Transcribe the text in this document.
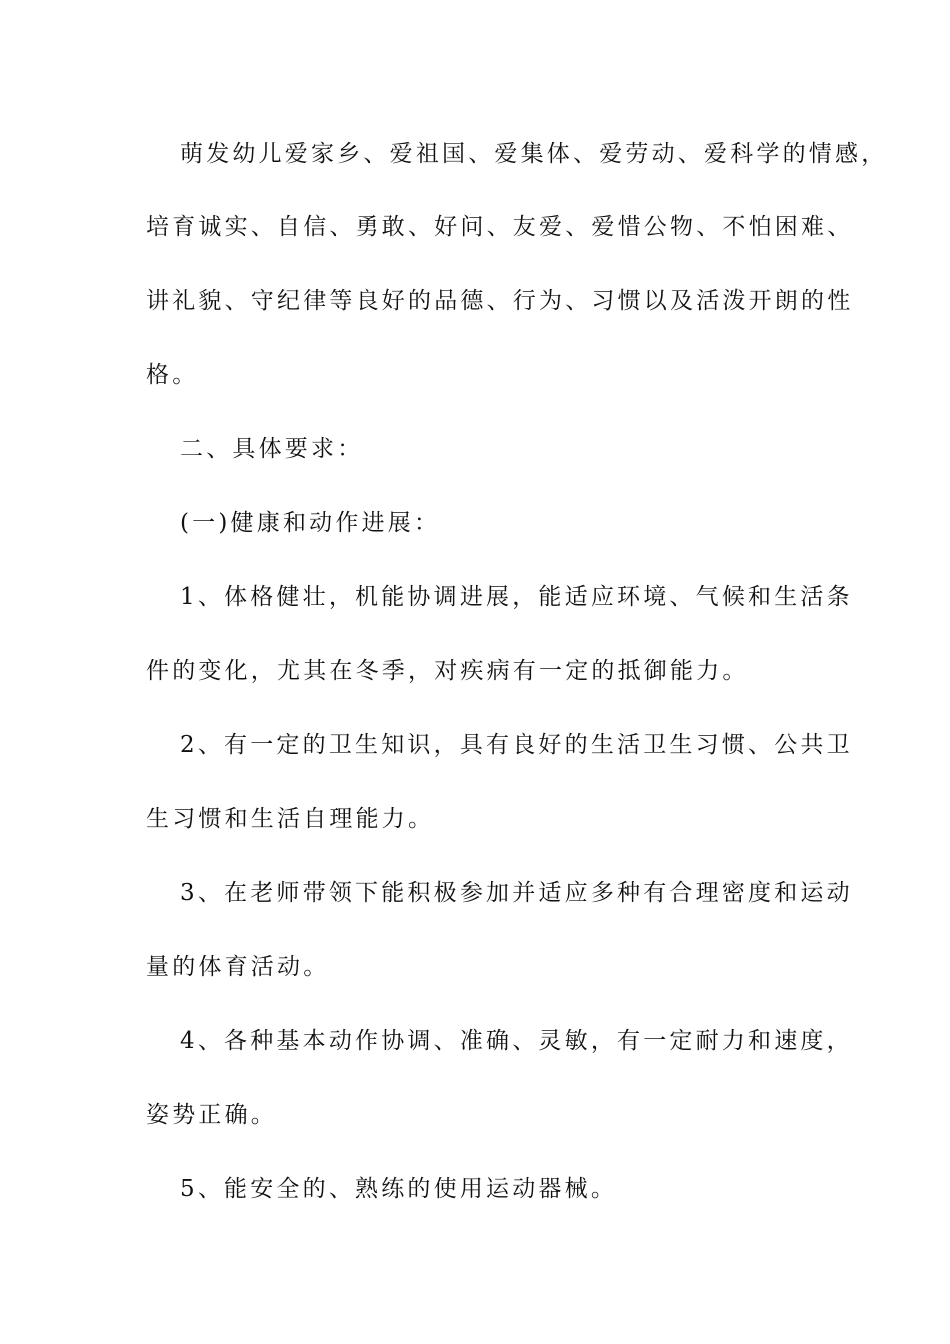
萌发幼儿爱家乡、爱祖国、爱集体、爱劳动、爱科学的情感，
培育诚实、自信、勇敢、好问、友爱、爱惜公物、不怕困难、
讲礼貌、守纪律等良好的品德、行为、习惯以及活泼开朗的性
格。
二、具体要求：
(一)健康和动作进展：
1、体格健壮，机能协调进展，能适应环境、气候和生活条
件的变化，尤其在冬季，对疾病有一定的抵御能力。
2、有一定的卫生知识，具有良好的生活卫生习惯、公共卫
生习惯和生活自理能力。
3、在老师带领下能积极参加并适应多种有合理密度和运动
量的体育活动。
4、各种基本动作协调、准确、灵敏，有一定耐力和速度，
姿势正确。
5、能安全的、熟练的使用运动器械。
